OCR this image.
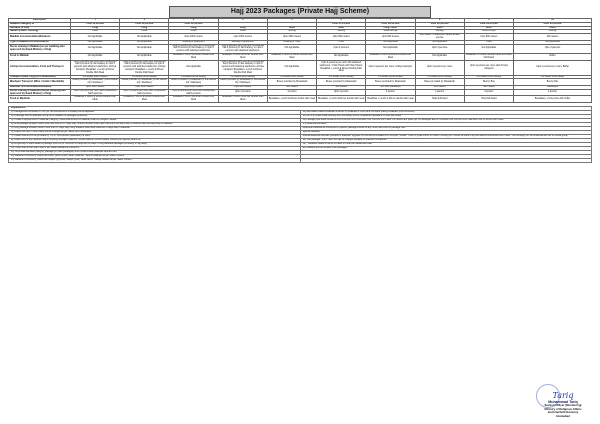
Hajj 2023 Packages (Private Hajj Scheme)
Description	1	2	3	4	5	6	7	8	9	10
Makkah Category B	PKR 11,65,000	PKR 12,30,000	PKR 12,50,000			PKR 17,25,000	PKR 19,45,000	PKR 22,00,000	PKR 23,40,000	PKR 25,00,000
Duration of stay	Long	Long	Long	Long	Short	Short	Long / Short	Short	Short	Short
Nature (Fixed / Shifting)	Fixed	Fixed	Fixed	Fixed	Shifting	Shifting	Fixed Aziziya	Shifting	Fixed Aziziya	Shifting
Makkah Accommodation/Distance	Not Applicable	Not Applicable	Upto 1000 meters	Upto 1500 meters	Upto 1500 meters	Upto 500 meters	Upto 500 meters	800 meters / Hotels with Haram shuttle service	Upto 500 meters	300 meters
Type of Makkah Accommodation	Not Applicable	Not Applicable	Building or Apartment	Building or Apartment	Building or Hotel	Hotel	Not Applicable	Not Applicable	Hotel	Not Applicable
Room sharing in Makkah (as per building plan approved by Saudi Ministry of Haj)	Not Applicable	Not Applicable	Upto 6 persons per room with conditioned hall 8 persons (in flat shapes), or upto 6 persons with attached washroom.	Upto 6 persons per room with conditioned hall 8 persons (in flat shapes), or upto 6 persons with attached washroom.	Not Applicable	Upto 4 persons	Not Applicable	Upto 4 persons	Not Applicable	Upto 4 persons
Food in Makkah	Not Applicable	Not Applicable	Breakfast + Lunch & Dinner Double Dish Meal	Breakfast + Lunch & Dinner Double Dish Meal	Breakfast + Lunch & Dinner Double Dish Meal	Not Applicable	Breakfast + Lunch & Dinner Double Dish Meal	Not Applicable	Breakfast + 2 times five dish buffet & 2 times half board	Buffet
Aziziya Accommodation, Food and Transport	Upto 6 persons per room with conditioned hall 8 persons (in flat shapes) or upto 6 persons with attached washroom; Aziziya transport; Breakfast + Lunch & Dinner Double Dish Meal	Upto 6 persons per room with conditioned hall 8 persons (in flat shapes) or upto 6 persons with attached washroom; Aziziya transport; Breakfast + Lunch & Dinner Double Dish Meal	Not Applicable	Upto 6 persons per room with conditioned hall 8 persons (in flat shapes) or upto 6 persons with attached washroom; Aziziya transport; Breakfast + Lunch & Dinner Double Dish Meal	Not Applicable	Upto 4 persons per room with attached washroom; 4 Star Hotels with Holy Haram; Breakfast + Lunch & Dinner Double Dish Meal	Upto 4 persons per room; Aziziya transport	Upto 4 persons per room	Upto 4 persons per room with Aziziya transport	Upto 4 persons per room; Buffet
Transport (Inter City) (All Conditioned)	Pvt Buses (2018 Model)	Pvt Buses (2018 Model)	Pvt Buses (2018 Model)	Pvt Buses (2018 Model)	Pvt Buses 2018 Model	Pvt Buses (2018 Model)	Pvt Buses (2018 Model)	Pvt Buses (2018 Model)	Pvt Buses (2018 Model)	Pvt Buses 2018 Model
Mashaeir Transport (Mina / Arafat / Muzdalifa)	Buses provided by Moassisah (1 bus double trip / Rashaen)	Buses provided by Moassisah (1 bus double trip / Rashaen)	Buses provided by Moassisah (1 bus double trip / Rashaen)	Buses provided by Moassisah (1 bus double trip / Rashaen)	Buses provided by Moassisah	Buses provided by Moassisah	Buses provided by Moassisah	Buses provided by Moassisah	Bus by Bus	Bus by Bus
Madinah Accommodation/Distance	Upto 1500 meters	Upto 1000 meters	Upto 1000 meters	Upto 800 meters	400 meters	300 meters	500 Mtrs Markaziya	500 meters	300 meters	Markaziya
Room sharing in Madinah (as per building plan approved by Saudi Ministry of Haj)	Upto 6 persons per room with conditioned hall 8 persons	Upto 6 persons per room with conditioned hall 8 persons	Upto 6 persons per room with conditioned hall 8 persons	Upto 4 persons	4 person	Upto 4 person	4 person	4 person	4 person	4 person
Food in Madinah	Breakfast + Lunch & Dinner Double Dish Meal	Breakfast + Lunch & Dinner Double Dish Meal	Breakfast + Lunch & Dinner Double Dish Meal	Breakfast + Lunch & Dinner Double Dish Meal	Breakfast + Lunch & Dinner double dish meal	Breakfast + Lunch & Dinner double dish meal	Breakfast + Lunch & Dinner double dish meal	Hotel full board	Hotel full board	Breakfast + 2 times five dish buffet
Explanations:	
1) Packages are exclusive of TFB (10 Tax exclusions or increase) will be adjusted.	14) Rail based means breakfast & dinner or breakfast or lunch and full board (heavy breakfast, lunch & dinner)
2) A package can be selected from a list or variation of packages published.	15) All PLS (Green-road entering with first dollar) will be considered equivalent to hotel half board.
3) In case of appointment of Madinah category, differential amount of Madinah shall be charged / added.	16) Package cost does include at PKR 250,000 from hotel and PKR 330,000 from hotel. For above and plans per hill packages add to, includes PKR 383,000 from mali and PKR 2793,000 from hotel.
4) Mina package duration covers less than upto on 17 days stay. Shared duration shall have maximum two days stay in Madinah and two days stay in Madinah.	17) Additional Facilities:
5) Long package duration covers more than 37 days stay. Long duration shall have maximum 9 days stay in Madinah.	Additional Facilities as mentioned in specific package should be any more than 2009 of package cost.
6) Shared bus farm / tube enable will be charged as per Saudi Govt notification.	Special Facilities
7) Private vehicle is to be provided by TIC in 7/8/9 person (Mashaeir) for 2023.	Special additional facilities provided in Madinah: upgrade of hotel accommodations in Aziziyah, Shuttle, Triple or Quad rooms or hotels / building etc. should be either they are listed at mentioned 2023 hotel. This will apply for the individual and not for whole group.
8) Inside room of any distance steps including Mustajar Madinah/ Shuttle Madina/ Shuttle Buses/ Shuttle Bus Special Steam etc.	18) Tour package: 1 & 2. SAR 900 will be charged because of Madinah to Madinah.
9) Aziziya stay in trace detail kit package must be for minimum 10 days and 10 days in long standard packages (including 9 Hajj days).	19) * Distance means in terms of travel of Hotel with details are wise.
10) Three Star & Five Star Hotel in per Saudi standard & Tourism's.	20) Catalum will be included in all packages.
11) No private standard category package (in there packages) which shall include Madinah Jannat e ten.	
12) Madinah compulsory means are Direct (Sea, Direct Haram Madinah, Spot at Madinah as per Saudi Tourism.	
13) Madinah compulsory means are Masjid (sghurani, Masjid Quba, Jabal Nazhir, Masjid Nabawi as per Saudi Tourism.	
Tariq
Muhammad Tariq
Section Officer (Monitoring)
Ministry of Religious Affairs
and Interfaith Harmony
Islamabad
